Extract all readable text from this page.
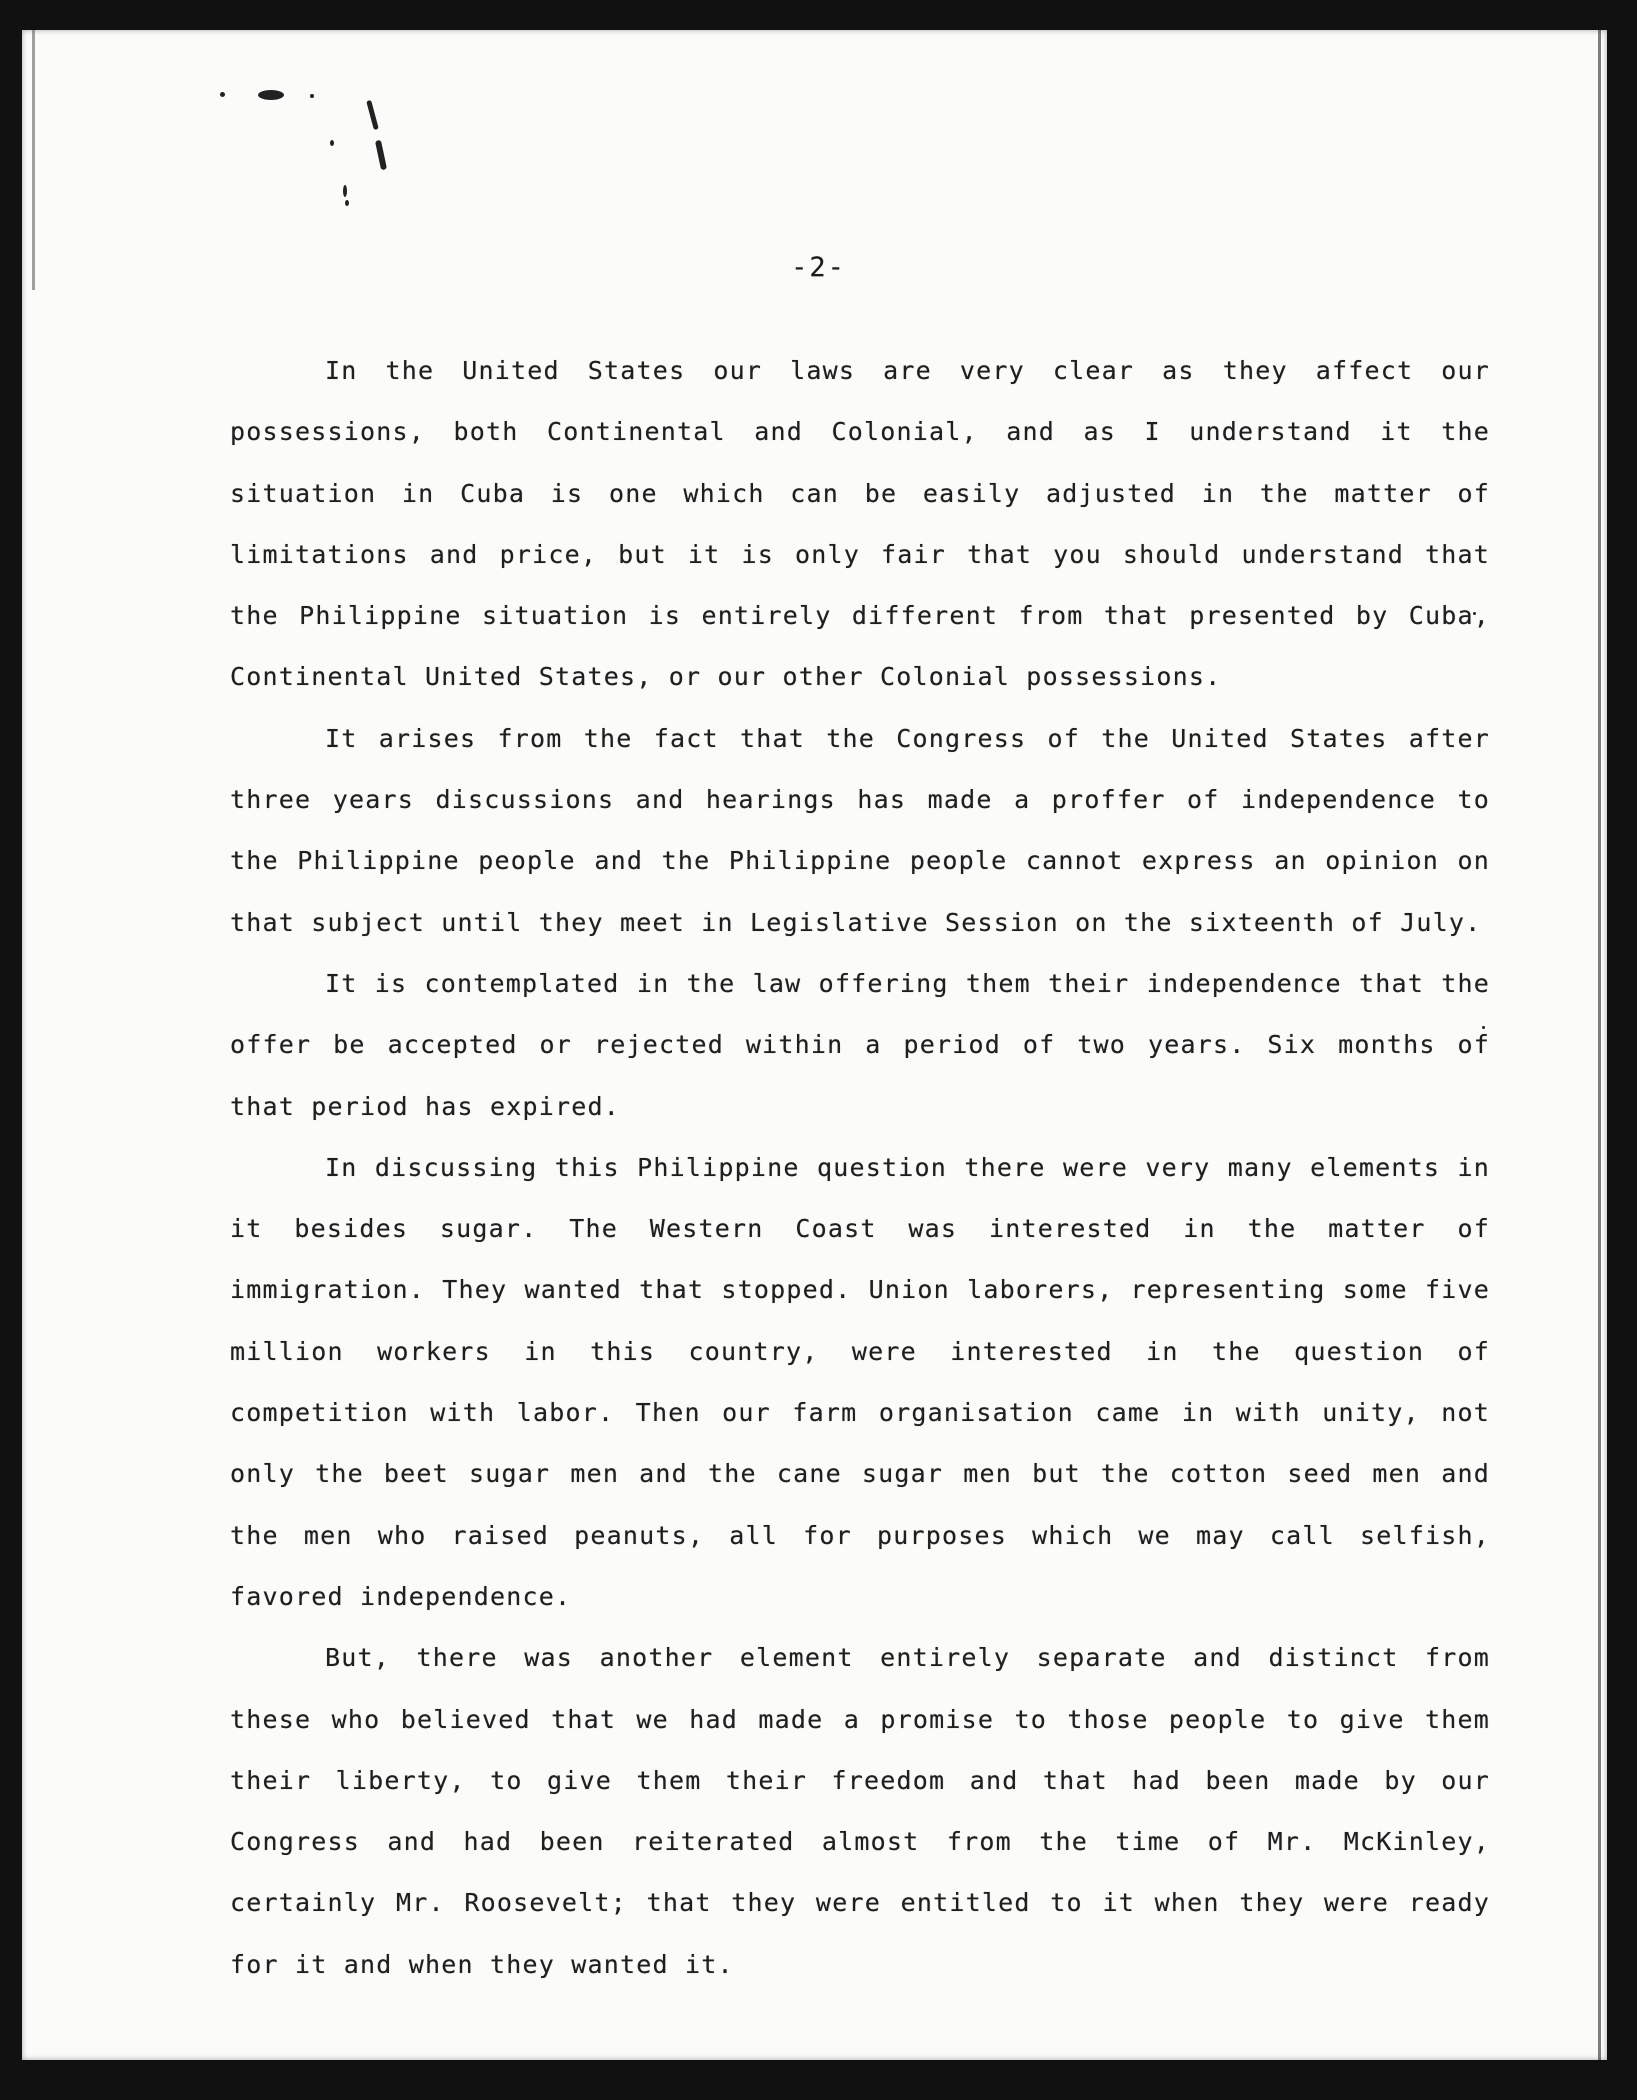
-2-

In the United States our laws are very clear as they affect our possessions, both Continental and Colonial, and as I understand it the situation in Cuba is one which can be easily adjusted in the matter of limitations and price, but it is only fair that you should understand that the Philippine situation is entirely different from that presented by Cuba, Continental United States, or our other Colonial possessions.

It arises from the fact that the Congress of the United States after three years discussions and hearings has made a proffer of independence to the Philippine people and the Philippine people cannot express an opinion on that subject until they meet in Legislative Session on the sixteenth of July.

It is contemplated in the law offering them their independence that the offer be accepted or rejected within a period of two years. Six months of that period has expired.

In discussing this Philippine question there were very many elements in it besides sugar. The Western Coast was interested in the matter of immigration. They wanted that stopped. Union laborers, representing some five million workers in this country, were interested in the question of competition with labor. Then our farm organisation came in with unity, not only the beet sugar men and the cane sugar men but the cotton seed men and the men who raised peanuts, all for purposes which we may call selfish, favored independence.

But, there was another element entirely separate and distinct from these who believed that we had made a promise to those people to give them their liberty, to give them their freedom and that had been made by our Congress and had been reiterated almost from the time of Mr. McKinley, certainly Mr. Roosevelt; that they were entitled to it when they were ready for it and when they wanted it.
